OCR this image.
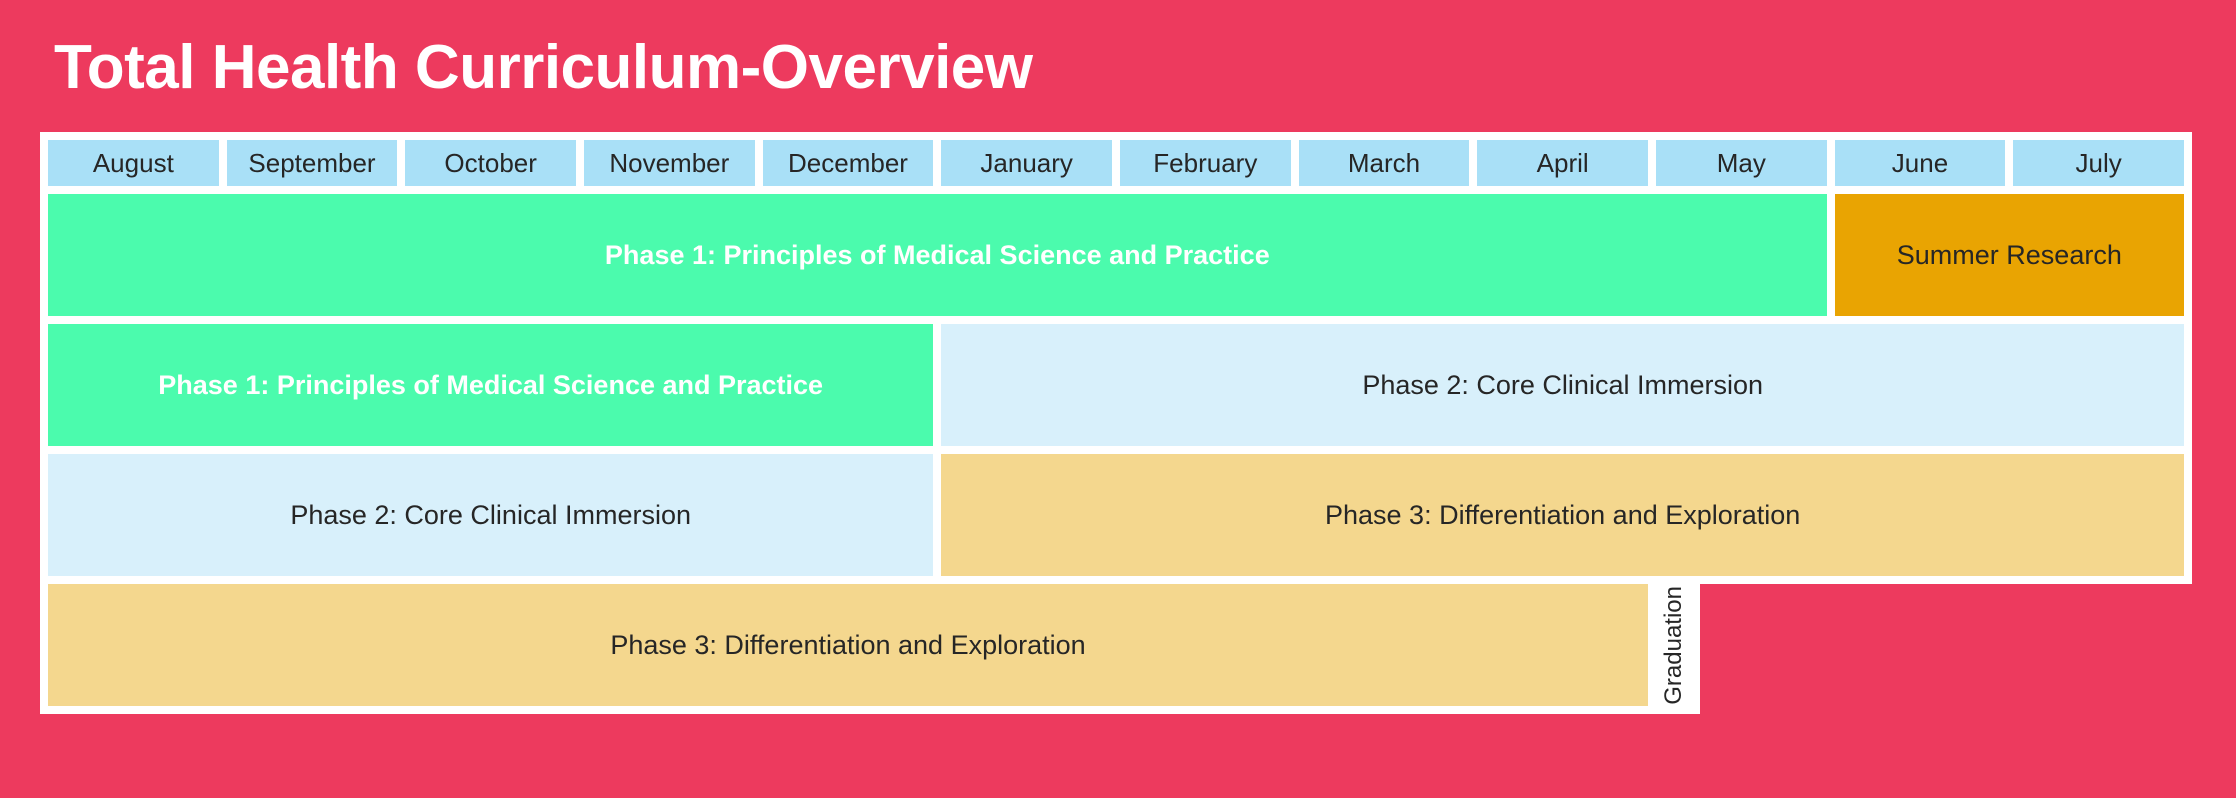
Total Health Curriculum-Overview
August	September	October	November	December	January	February	March	April	May	June	July
Phase 1: Principles of Medical Science and Practice	Summer Research
Phase 1: Principles of Medical Science and Practice	Phase 2: Core Clinical Immersion
Phase 2: Core Clinical Immersion	Phase 3: Differentiation and Exploration
Phase 3: Differentiation and Exploration	Graduation
